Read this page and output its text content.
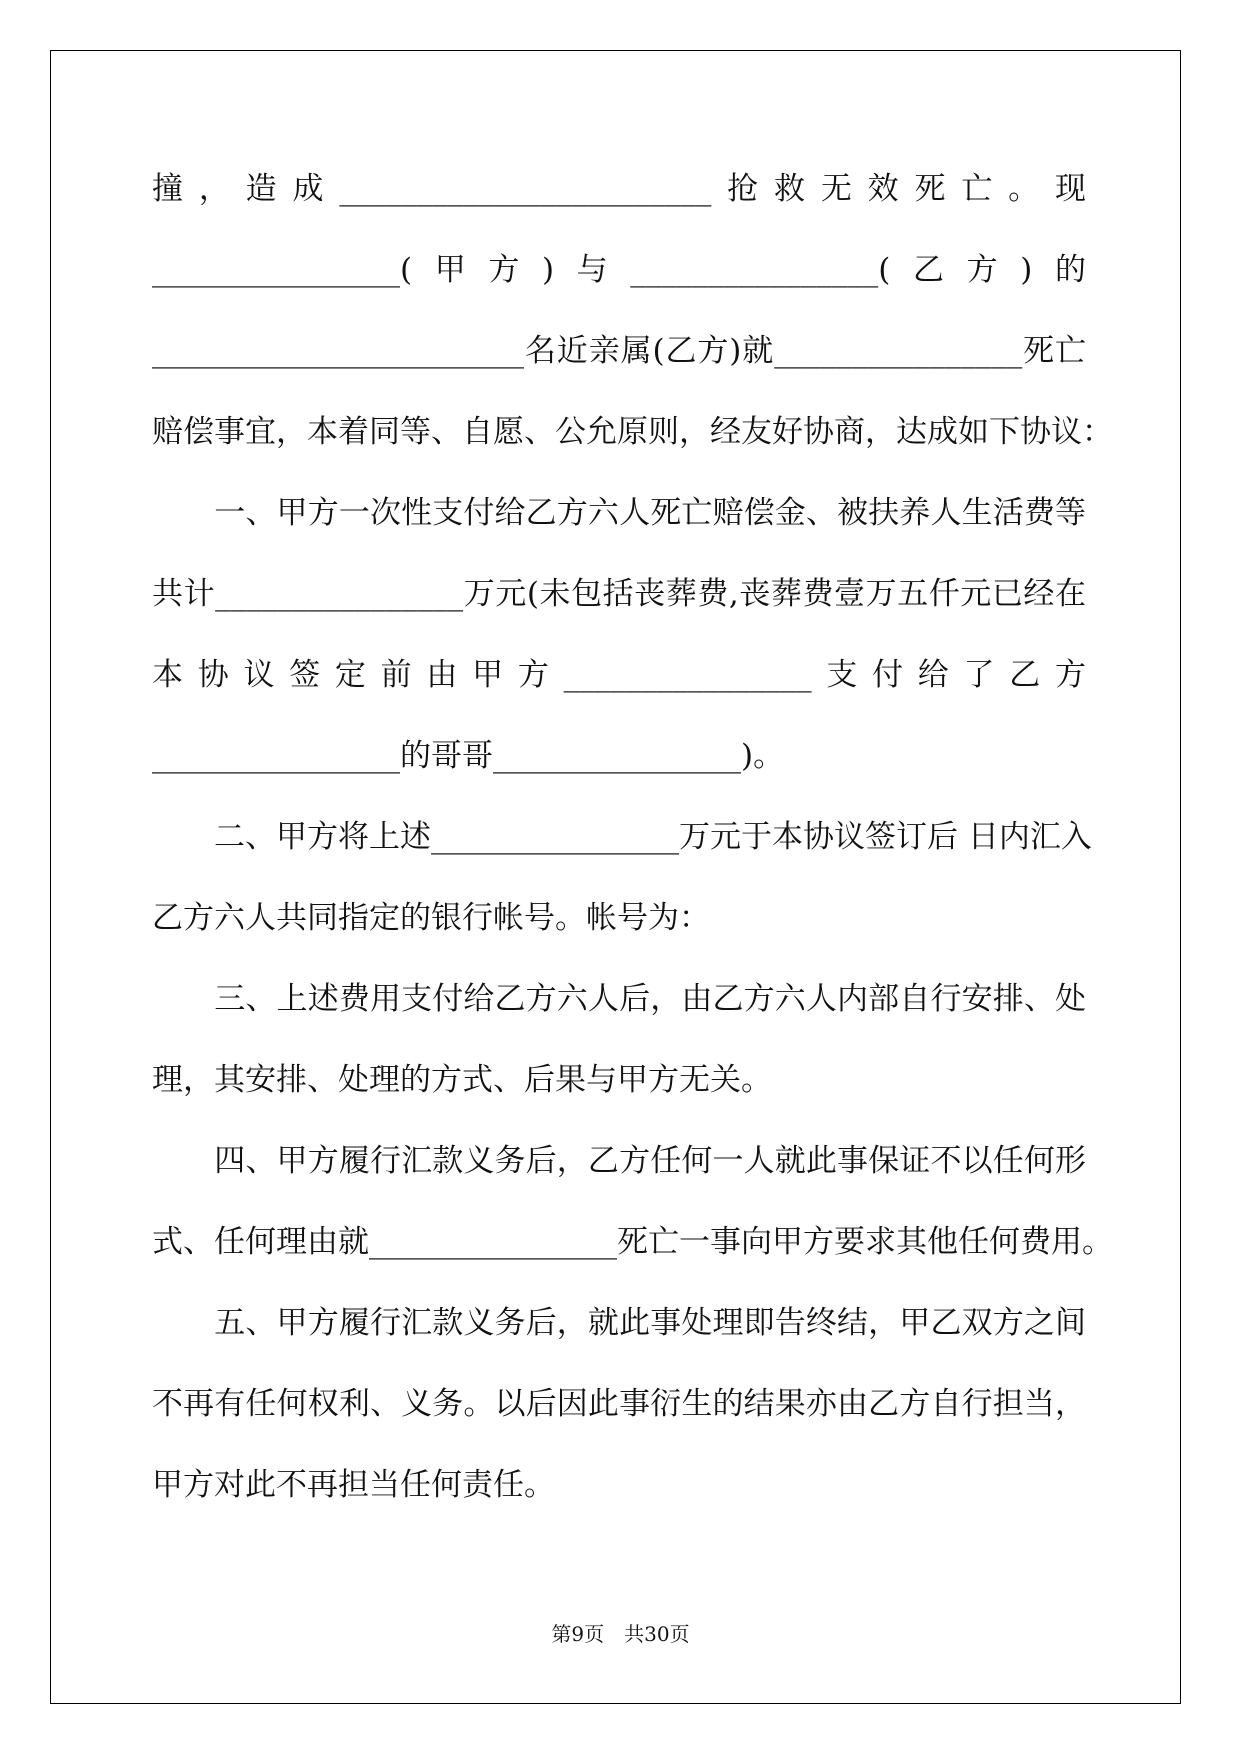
撞，造成________________________抢救无效死亡。现
________________(甲方)与________________(乙方)的
________________________名近亲属(乙方)就________________死亡
赔偿事宜，本着同等、自愿、公允原则，经友好协商，达成如下协议：
　　一、甲方一次性支付给乙方六人死亡赔偿金、被扶养人生活费等
共计________________万元(未包括丧葬费,丧葬费壹万五仟元已经在
本协议签定前由甲方________________支付给了乙方
________________的哥哥________________)。
　　二、甲方将上述________________万元于本协议签订后 日内汇入
乙方六人共同指定的银行帐号。帐号为：
　　三、上述费用支付给乙方六人后，由乙方六人内部自行安排、处
理，其安排、处理的方式、后果与甲方无关。
　　四、甲方履行汇款义务后，乙方任何一人就此事保证不以任何形
式、任何理由就________________死亡一事向甲方要求其他任何费用。
　　五、甲方履行汇款义务后，就此事处理即告终结，甲乙双方之间
不再有任何权利、义务。以后因此事衍生的结果亦由乙方自行担当，
甲方对此不再担当任何责任。
第9页　共30页
